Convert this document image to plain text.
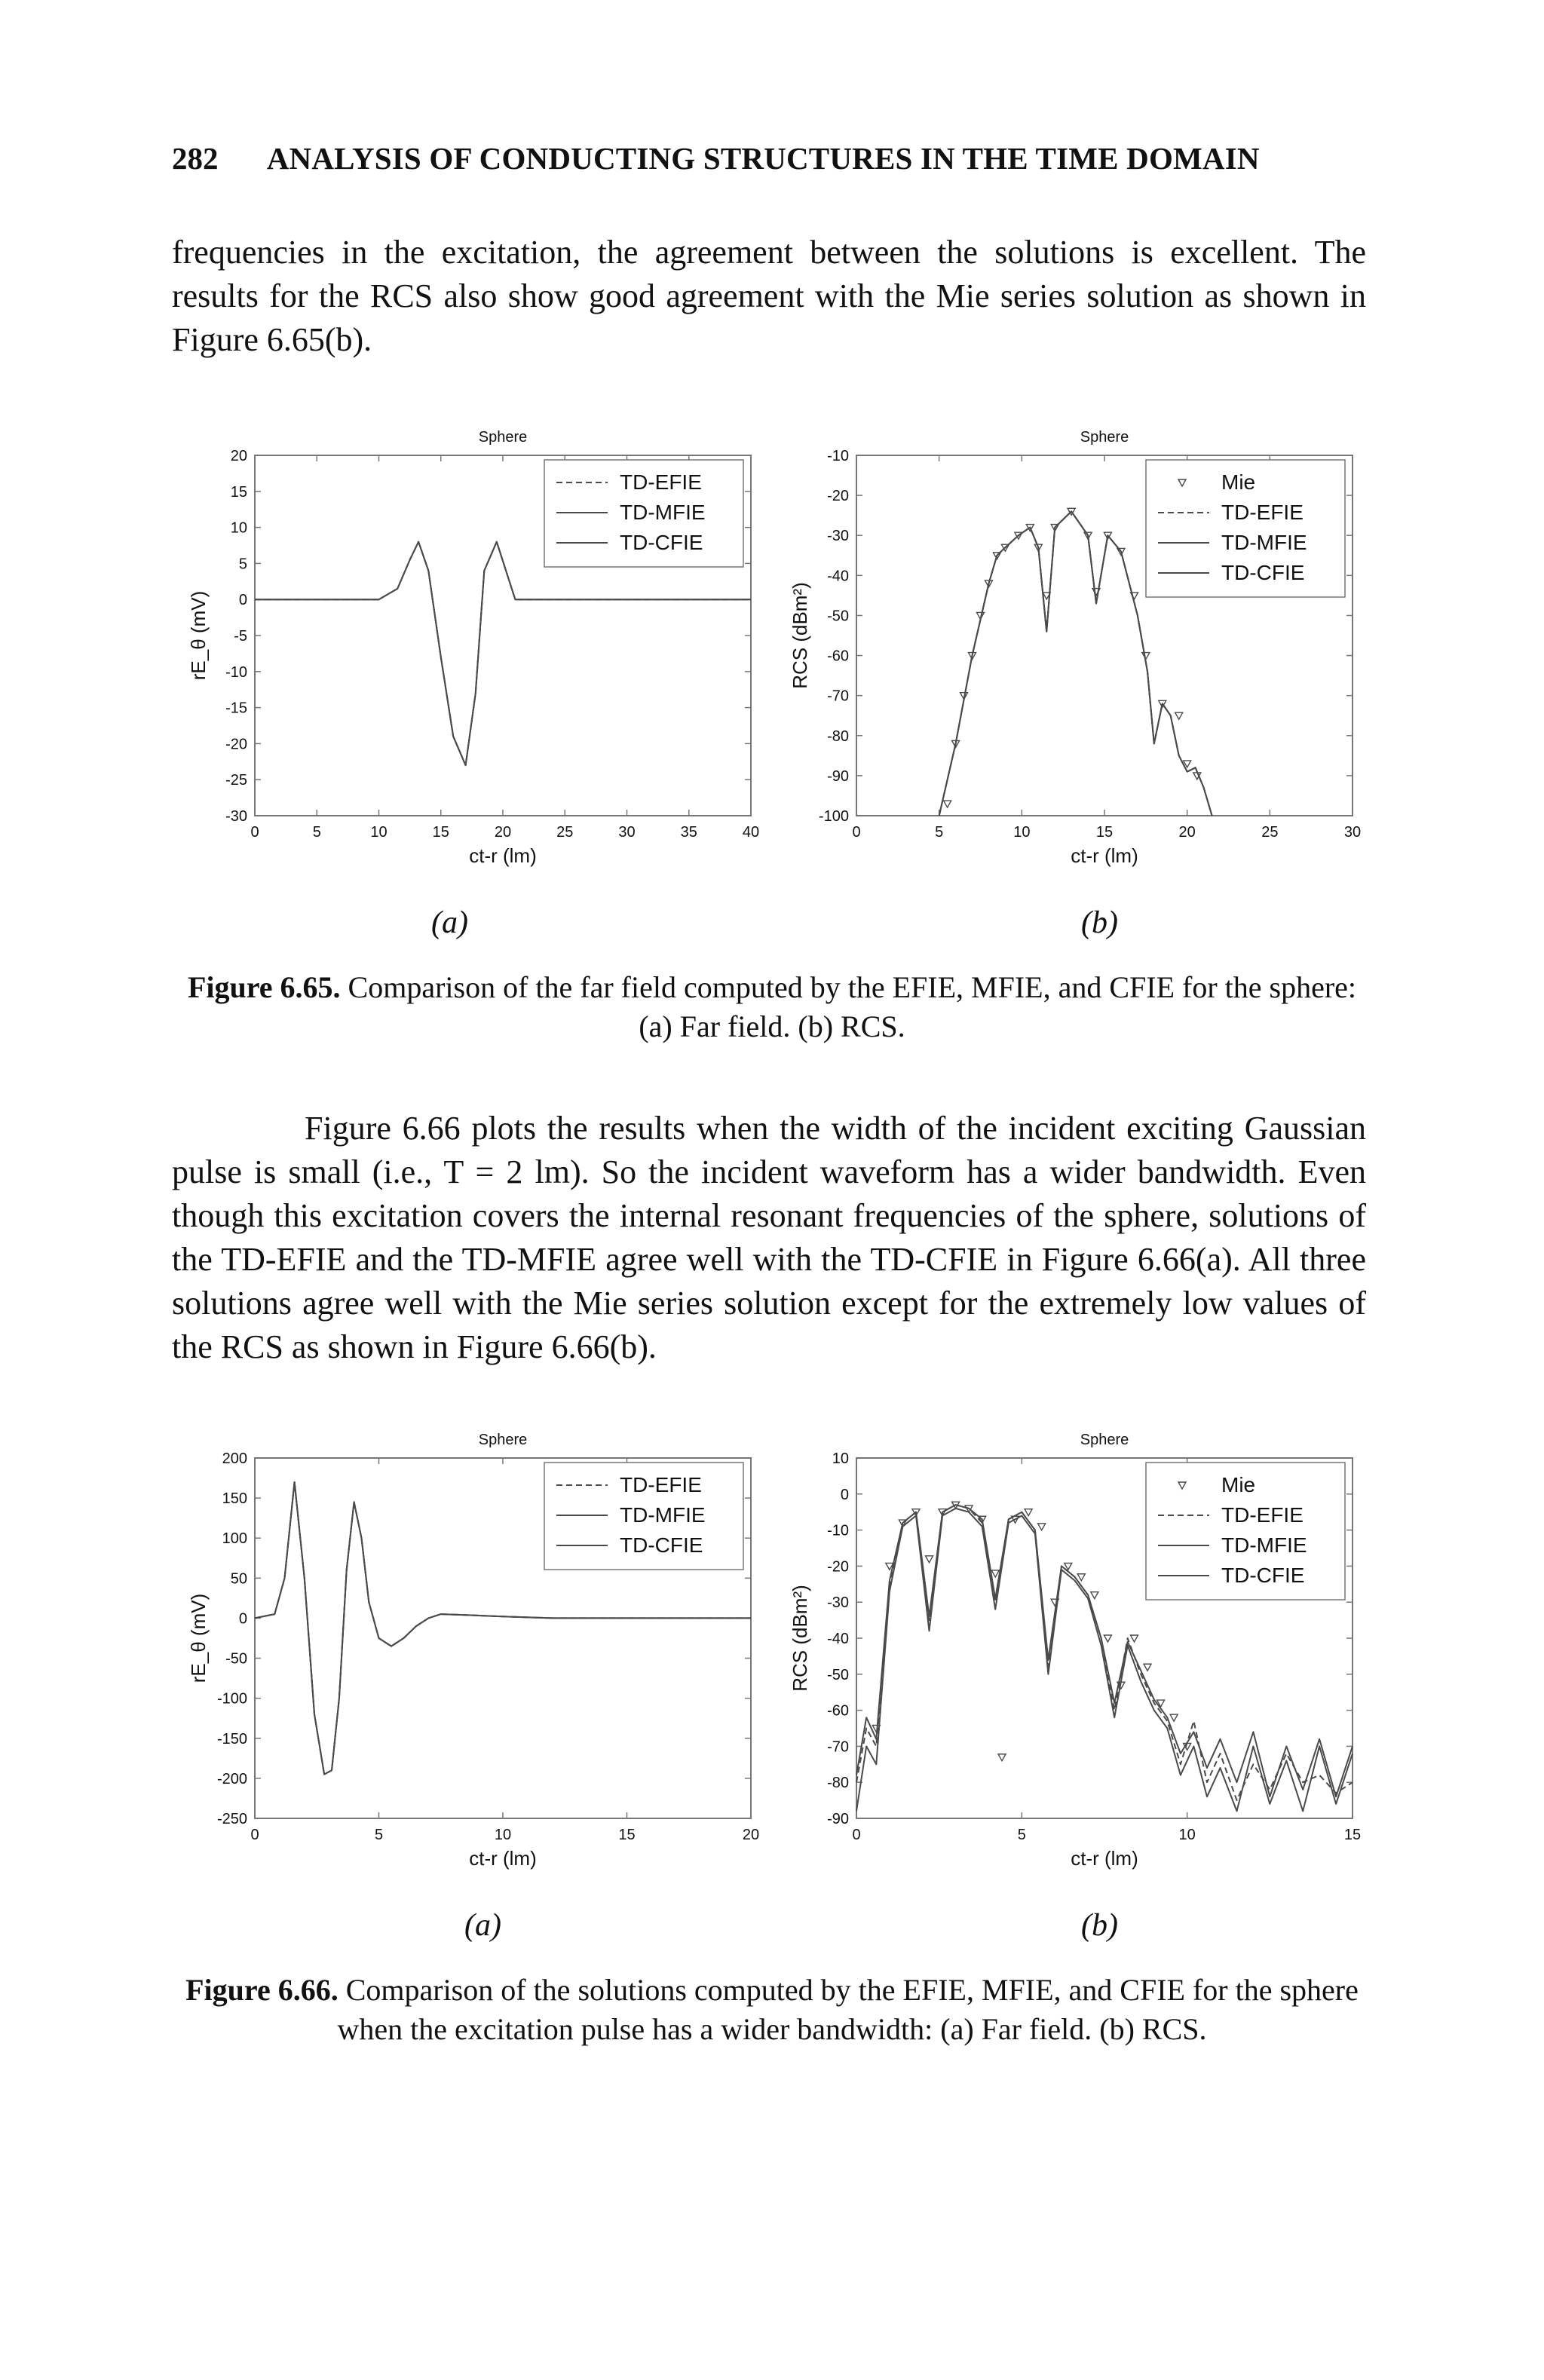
282 ANALYSIS OF CONDUCTING STRUCTURES IN THE TIME DOMAIN

frequencies in the excitation, the agreement between the solutions is excellent. The results for the RCS also show good agreement with the Mie series solution as shown in Figure 6.65(b).

Sphere
20
15
10
5
0
-5
-10
-15
-20
-25
-30
0	5	10	15	20	25	30	35	40
ct-r (lm)
rE_θ (mV)
TD-EFIE
TD-MFIE
TD-CFIE
Sphere
-10
-20
-30
-40
-50
-60
-70
-80
-90
-100
0	5	10	15	20	25	30
ct-r (lm)
RCS (dBm²)
Mie
TD-EFIE
TD-MFIE
TD-CFIE
(a)	(b)

Figure 6.65. Comparison of the far field computed by the EFIE, MFIE, and CFIE for the sphere: (a) Far field. (b) RCS.

Figure 6.66 plots the results when the width of the incident exciting Gaussian pulse is small (i.e., T = 2 lm). So the incident waveform has a wider bandwidth. Even though this excitation covers the internal resonant frequencies of the sphere, solutions of the TD-EFIE and the TD-MFIE agree well with the TD-CFIE in Figure 6.66(a). All three solutions agree well with the Mie series solution except for the extremely low values of the RCS as shown in Figure 6.66(b).

Sphere
200
150
100
50
0
-50
-100
-150
-200
-250
0	5	10	15	20
ct-r (lm)
rE_θ (mV)
TD-EFIE
TD-MFIE
TD-CFIE
Sphere
10
0
-10
-20
-30
-40
-50
-60
-70
-80
-90
0	5	10	15
ct-r (lm)
RCS (dBm²)
Mie
TD-EFIE
TD-MFIE
TD-CFIE
(a)	(b)

Figure 6.66. Comparison of the solutions computed by the EFIE, MFIE, and CFIE for the sphere when the excitation pulse has a wider bandwidth: (a) Far field. (b) RCS.
